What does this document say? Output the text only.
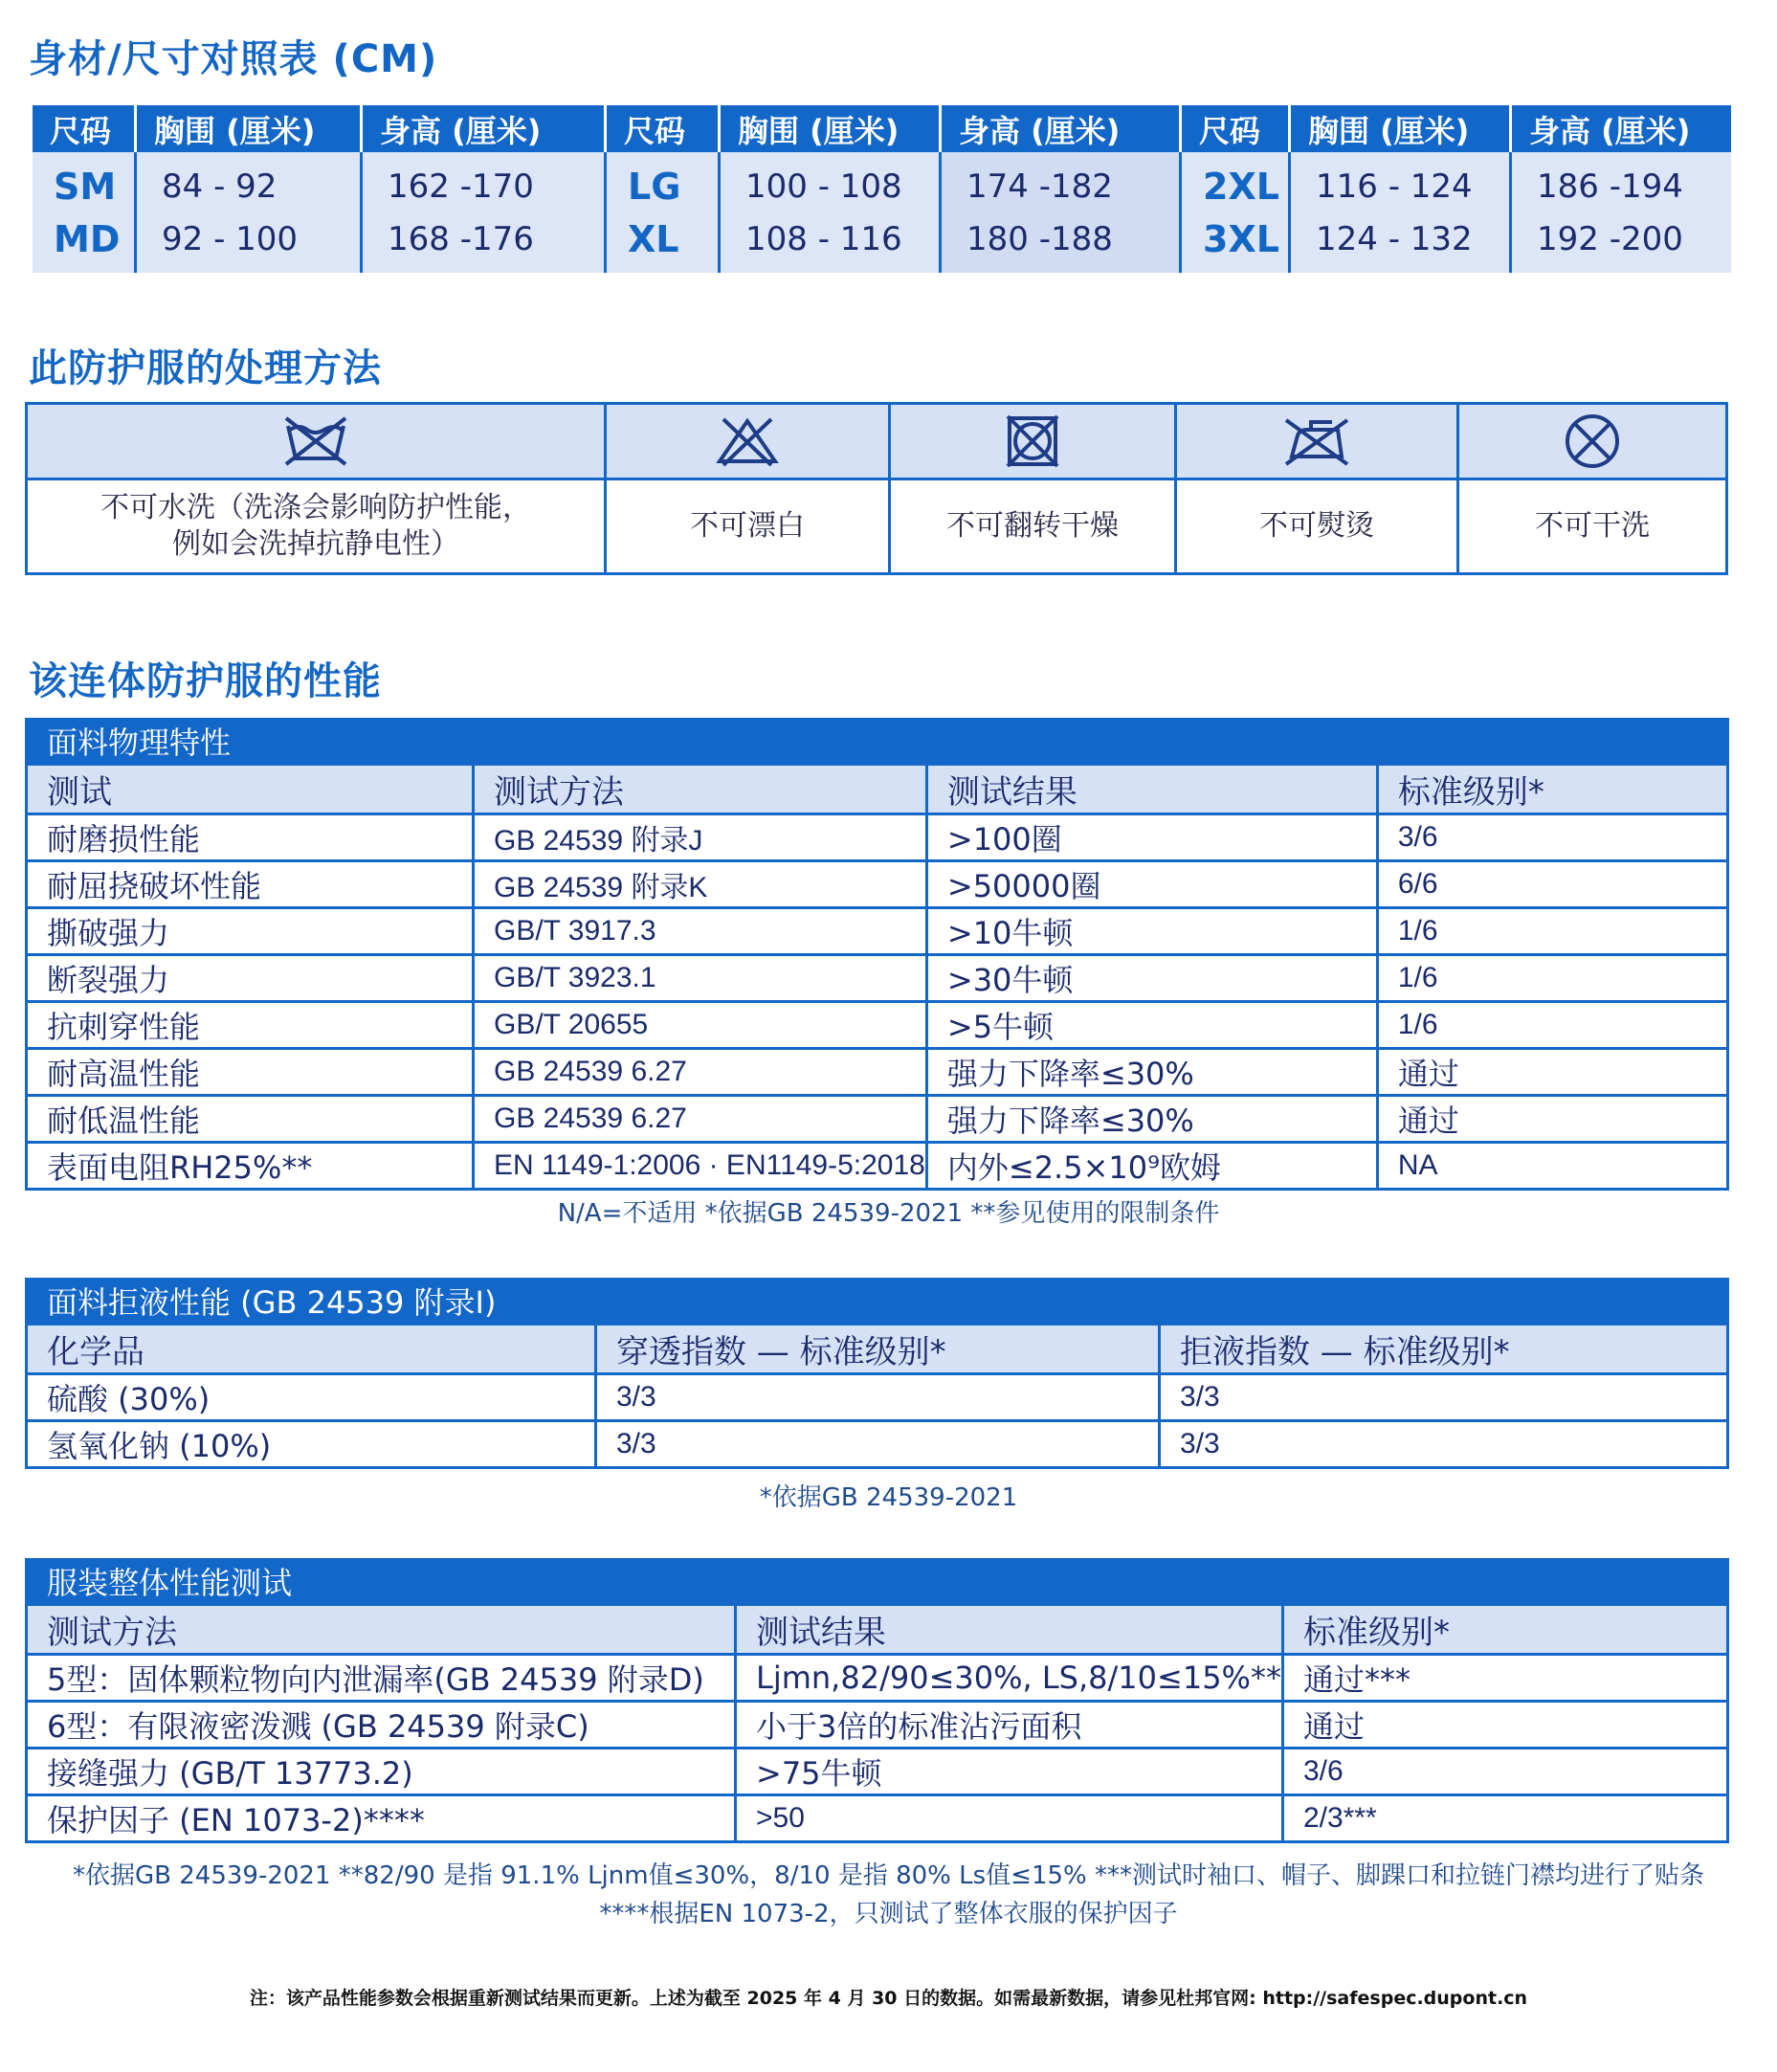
身材/尺寸对照表 (CM)
尺码	胸围 (厘米)	身高 (厘米)	尺码	胸围 (厘米)	身高 (厘米)	尺码	胸围 (厘米)	身高 (厘米)
SM	84 - 92	162 -170	LG	100 - 108	174 -182	2XL	116 - 124	186 -194
MD	92 - 100	168 -176	XL	108 - 116	180 -188	3XL	124 - 132	192 -200
此防护服的处理方法

不可水洗（洗涤会影响防护性能，
例如会洗掉抗静电性）	不可漂白	不可翻转干燥	不可熨烫	不可干洗
该连体防护服的性能
面料物理特性
测试	测试方法	测试结果	标准级别*
耐磨损性能	GB 24539 附录J	>100圈	3/6
耐屈挠破坏性能	GB 24539 附录K	>50000圈	6/6
撕破强力	GB/T 3917.3	>10牛顿	1/6
断裂强力	GB/T 3923.1	>30牛顿	1/6
抗刺穿性能	GB/T 20655	>5牛顿	1/6
耐高温性能	GB 24539 6.27	强力下降率≤30%	通过
耐低温性能	GB 24539 6.27	强力下降率≤30%	通过
表面电阻RH25%**	EN 1149-1:2006 · EN1149-5:2018	内外≤2.5×10⁹欧姆	NA
N/A=不适用 *依据GB 24539-2021 **参见使用的限制条件
面料拒液性能 (GB 24539 附录I)
化学品	穿透指数 — 标准级别*	拒液指数 — 标准级别*
硫酸 (30%)	3/3	3/3
氢氧化钠 (10%)	3/3	3/3
*依据GB 24539-2021
服装整体性能测试
测试方法	测试结果	标准级别*
5型：固体颗粒物向内泄漏率(GB 24539 附录D)	Ljmn,82/90≤30%, LS,8/10≤15%**	通过***
6型：有限液密泼溅 (GB 24539 附录C)	小于3倍的标准沾污面积	通过
接缝强力 (GB/T 13773.2)	>75牛顿	3/6
保护因子 (EN 1073-2)****	>50	2/3***
*依据GB 24539-2021 **82/90 是指 91.1% Ljnm值≤30%，8/10 是指 80% Ls值≤15% ***测试时袖口、帽子、脚踝口和拉链门襟均进行了贴条
****根据EN 1073-2，只测试了整体衣服的保护因子
注：该产品性能参数会根据重新测试结果而更新。上述为截至 2025 年 4 月 30 日的数据。如需最新数据，请参见杜邦官网: http://safespec.dupont.cn
